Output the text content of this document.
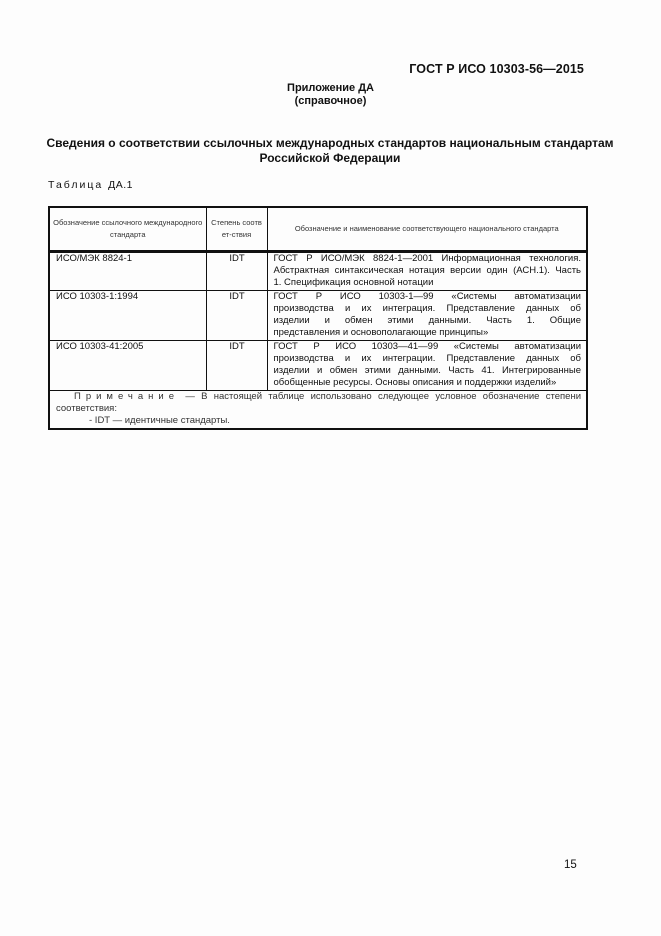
ГОСТ Р ИСО 10303-56—2015
Приложение ДА
(справочное)
Сведения о соответствии ссылочных международных стандартов национальным стандартам
Российской Федерации
Таблица ДА.1
Обозначение ссылочного международного стандарта	Степень соответ-ствия	Обозначение и наименование соответствующего национального стандарта
ИСО/МЭК 8824-1	IDT	ГОСТ Р ИСО/МЭК 8824-1—2001 Информационная технология.
Абстрактная синтаксическая нотация версии один (АСН.1). Часть
1. Спецификация основной нотации

ИСО 10303-1:1994	IDT	ГОСТ Р ИСО 10303-1—99 «Системы автоматизации
производства и их интеграция. Представление данных об
изделии и обмен этими данными. Часть 1. Общие
представления и основополагающие принципы»

ИСО 10303-41:2005	IDT	ГОСТ Р ИСО 10303—41—99 «Системы автоматизации
производства и их интеграции. Представление данных об
изделии и обмен этими данными. Часть 41. Интегрированные
обобщенные ресурсы. Основы описания и поддержки изделий»

Примечание — В настоящей таблице использовано следующее условное обозначение степени
соответствия:
- IDT — идентичные стандарты.		
15
